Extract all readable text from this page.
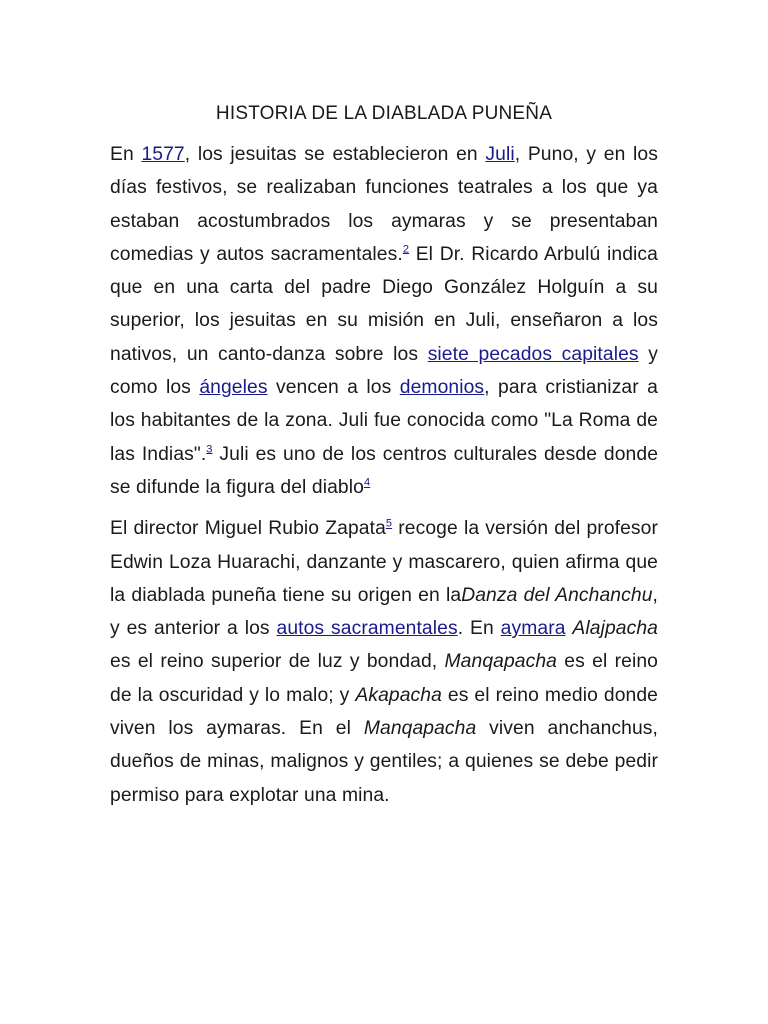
HISTORIA DE LA DIABLADA PUNEÑA

En 1577, los jesuitas se establecieron en Juli, Puno, y en los días festivos, se realizaban funciones teatrales a los que ya estaban acostumbrados los aymaras y se presentaban comedias y autos sacramentales.$^2$ El Dr. Ricardo Arbulú indica que en una carta del padre Diego González Holguín a su superior, los jesuitas en su misión en Juli, enseñaron a los nativos, un canto-danza sobre los siete pecados capitales y como los ángeles vencen a los demonios, para cristianizar a los habitantes de la zona. Juli fue conocida como "La Roma de las Indias".$^3$ Juli es uno de los centros culturales desde donde se difunde la figura del diablo$^4$

El director Miguel Rubio Zapata$^5$ recoge la versión del profesor Edwin Loza Huarachi, danzante y mascarero, quien afirma que la diablada puneña tiene su origen en laDanza del Anchanchu, y es anterior a los autos sacramentales. En aymara Alajpacha es el reino superior de luz y bondad, Manqapacha es el reino de la oscuridad y lo malo; y Akapacha es el reino medio donde viven los aymaras. En el Manqapacha viven anchanchus, dueños de minas, malignos y gentiles; a quienes se debe pedir permiso para explotar una mina.
